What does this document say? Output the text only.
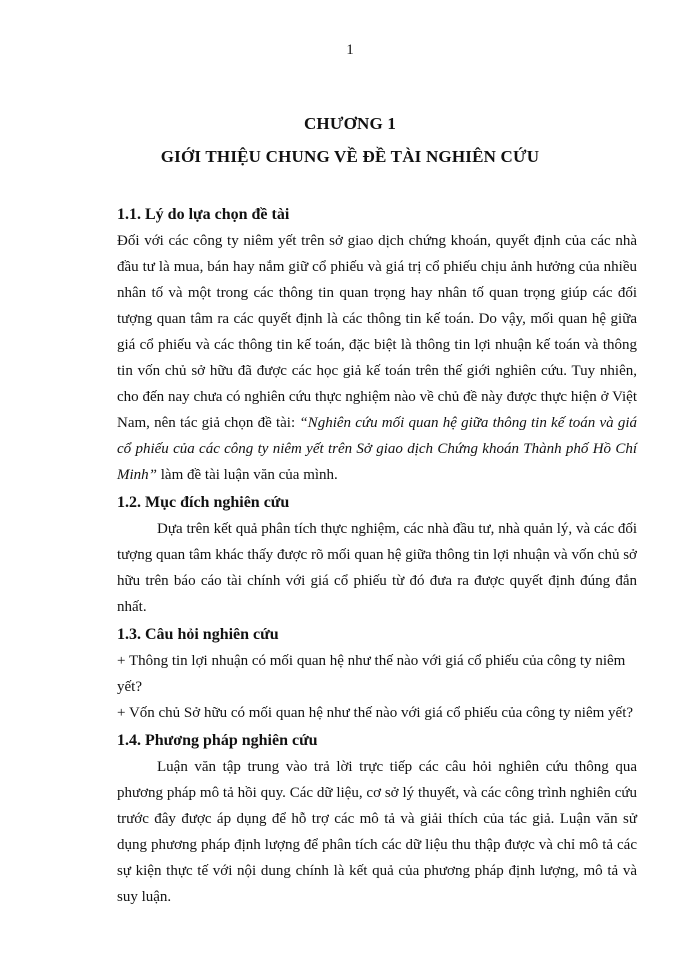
1
CHƯƠNG 1
GIỚI THIỆU CHUNG VỀ ĐỀ TÀI NGHIÊN CỨU
1.1. Lý do lựa chọn đề tài

Đối với các công ty niêm yết trên sở giao dịch chứng khoán, quyết định của các nhà đầu tư là mua, bán hay nắm giữ cổ phiếu và giá trị cổ phiếu chịu ảnh hưởng của nhiều nhân tố và một trong các thông tin quan trọng hay nhân tố quan trọng giúp các đối tượng quan tâm ra các quyết định là các thông tin kế toán. Do vậy, mối quan hệ giữa giá cổ phiếu và các thông tin kế toán, đặc biệt là thông tin lợi nhuận kế toán và thông tin vốn chủ sở hữu đã được các học giả kế toán trên thế giới nghiên cứu. Tuy nhiên, cho đến nay chưa có nghiên cứu thực nghiệm nào về chủ đề này được thực hiện ở Việt Nam, nên tác giả chọn đề tài: “Nghiên cứu mối quan hệ giữa thông tin kế toán và giá cổ phiếu của các công ty niêm yết trên Sở giao dịch Chứng khoán Thành phố Hồ Chí Minh” làm đề tài luận văn của mình.

1.2. Mục đích nghiên cứu

Dựa trên kết quả phân tích thực nghiệm, các nhà đầu tư, nhà quản lý, và các đối tượng quan tâm khác thấy được rõ mối quan hệ giữa thông tin lợi nhuận và vốn chủ sở hữu trên báo cáo tài chính với giá cổ phiếu từ đó đưa ra được quyết định đúng đắn nhất.

1.3. Câu hỏi nghiên cứu

+ Thông tin lợi nhuận có mối quan hệ như thế nào với giá cổ phiếu của công ty niêm yết?

+ Vốn chủ Sở hữu có mối quan hệ như thế nào với giá cổ phiếu của công ty niêm yết?

1.4. Phương pháp nghiên cứu

Luận văn tập trung vào trả lời trực tiếp các câu hỏi nghiên cứu thông qua phương pháp mô tả hồi quy. Các dữ liệu, cơ sở lý thuyết, và các công trình nghiên cứu trước đây được áp dụng để hỗ trợ các mô tả và giải thích của tác giả. Luận văn sử dụng phương pháp định lượng để phân tích các dữ liệu thu thập được và chỉ mô tả các sự kiện thực tế với nội dung chính là kết quả của phương pháp định lượng, mô tả và suy luận.
